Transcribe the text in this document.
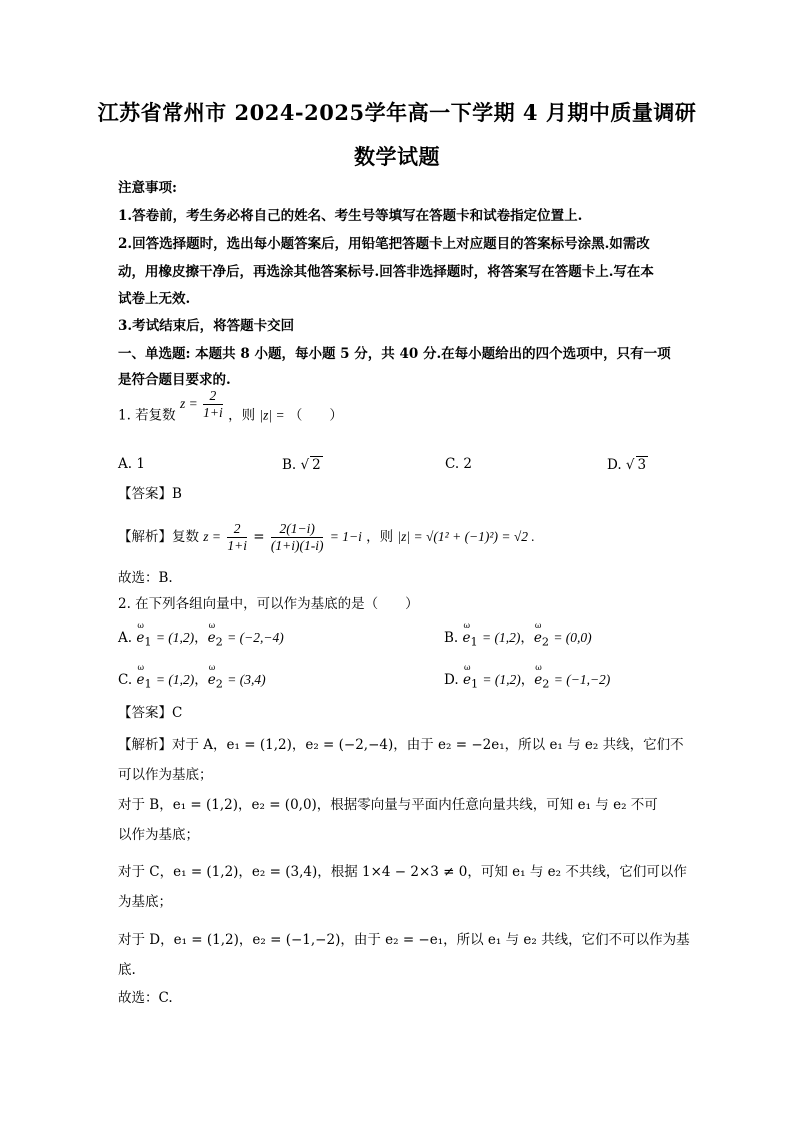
江苏省常州市 2024-2025学年高一下学期 4 月期中质量调研
数学试题
注意事项:
1.答卷前，考生务必将自己的姓名、考生号等填写在答题卡和试卷指定位置上.
2.回答选择题时，选出每小题答案后，用铅笔把答题卡上对应题目的答案标号涂黑.如需改
动，用橡皮擦干净后，再选涂其他答案标号.回答非选择题时，将答案写在答题卡上.写在本
试卷上无效.
3.考试结束后，将答题卡交回
一、单选题: 本题共 8 小题，每小题 5 分，共 40 分.在每小题给出的四个选项中，只有一项
是符合题目要求的.
1. 若复数 $z = \frac{2}{1+i}$ ，则 |z| = （　　）
A. 1	B. √ 2	C. 2	D. √ 3
【答案】B
【解析】复数 $z = \frac{2}{1+i} = \frac{2(1-i)}{(1+i)(1-i)} = 1-i$ ，则 |z| = √(1² + (−1)²) = √2 .
故选：B.
2. 在下列各组向量中，可以作为基底的是（　　）
A. ω $e_1 = (1,2)$，ω $e_2 = (-2,-4)$	B. ω $e_1 = (1,2)$，ω $e_2 = (0,0)$
C. ω $e_1 = (1,2)$，ω $e_2 = (3,4)$	D. ω $e_1 = (1,2)$，ω $e_2 = (-1,-2)$
【答案】C
【解析】对于 A，e₁ = (1,2)，e₂ = (−2,−4)，由于 e₂ = −2e₁，所以 e₁ 与 e₂ 共线，它们不
可以作为基底；
对于 B，e₁ = (1,2)，e₂ = (0,0)，根据零向量与平面内任意向量共线，可知 e₁ 与 e₂ 不可
以作为基底；
对于 C，e₁ = (1,2)，e₂ = (3,4)，根据 1×4 − 2×3 ≠ 0，可知 e₁ 与 e₂ 不共线，它们可以作
为基底；
对于 D，e₁ = (1,2)，e₂ = (−1,−2)，由于 e₂ = −e₁，所以 e₁ 与 e₂ 共线，它们不可以作为基
底.
故选：C.
